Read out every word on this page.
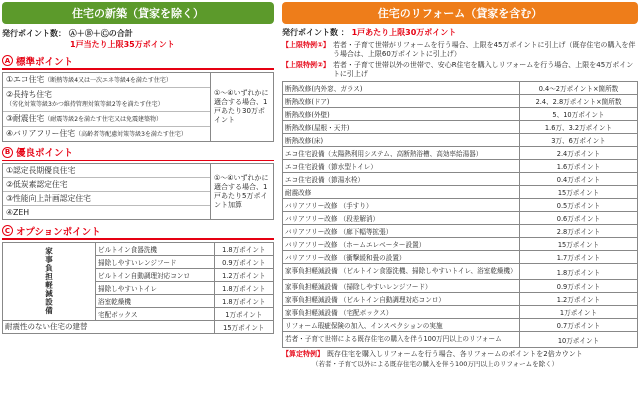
住宅の新築（貸家を除く）
発行ポイント数： Ⓐ＋Ⓑ＋Ⓒの合計
1戸当たり上限35万ポイント
A 標準ポイント
①エコ住宅（断熱等級4又は一次エネ等級4を満たす住宅）
②長持ち住宅（劣化対策等級3かつ維持管理対策等級2等を満たす住宅）
③耐震住宅（耐震等級2を満たす住宅又は免震建築物）
④バリアフリー住宅（高齢者等配慮対策等級3を満たす住宅）
①～④いずれかに適合する場合、1戸あたり30万ポイント
B 優良ポイント
①認定長期優良住宅
②低炭素認定住宅
③性能向上計画認定住宅
④ZEH
①～④いずれかに適合する場合、1戸あたり5万ポイント加算
C オプションポイント
家事負担軽減設備	ビルトイン食器洗機	1.8万ポイント
	掃除しやすいレンジフード	0.9万ポイント
	ビルトイン自動調理対応コンロ	1.2万ポイント
	掃除しやすいトイレ	1.8万ポイント
	浴室乾燥機	1.8万ポイント
	宅配ボックス	1万ポイント
耐震性のない住宅の建替		15万ポイント
住宅のリフォーム（貸家を含む）
発行ポイント数 ： 1戸あたり上限30万ポイント
【上限特例①】 若者・子育て世帯がリフォームを行う場合、上限を45万ポイントに引上げ（既存住宅の購入を伴う場合は、上限60万ポイントに引上げ）
【上限特例②】 若者・子育て世帯以外の世帯で、安心R住宅を購入しリフォームを行う場合、上限を45万ポイントに引上げ
断熱改修(内外窓、ガラス)	0.4～2万ポイント×箇所数
断熱改修(ドア)	2.4、2.8万ポイント×箇所数
断熱改修(外壁)	5、10万ポイント
断熱改修(屋根・天井)	1.6万、3.2万ポイント
断熱改修(床)	3万、6万ポイント
エコ住宅設備（太陽熱利用システム、高断熱浴槽、高効率給湯器）	2.4万ポイント
エコ住宅設備（節水型トイレ）	1.6万ポイント
エコ住宅設備（節湯水栓）	0.4万ポイント
耐震改修	15万ポイント
バリアフリー改修 （手すり）	0.5万ポイント
バリアフリー改修 （段差解消）	0.6万ポイント
バリアフリー改修 （廊下幅等拡張）	2.8万ポイント
バリアフリー改修 （ホームエレベーター設置）	15万ポイント
バリアフリー改修 （衝撃緩和畳の設置）	1.7万ポイント
家事負担軽減設備 （ビルトイン食器洗機、掃除しやすいトイレ、浴室乾燥機）	1.8万ポイント
家事負担軽減設備 （掃除しやすいレンジフード）	0.9万ポイント
家事負担軽減設備 （ビルトイン自動調理対応コンロ）	1.2万ポイント
家事負担軽減設備 （宅配ボックス）	1万ポイント
リフォーム瑕疵保険の加入、インスペクションの実施	0.7万ポイント
若者・子育て世帯による既存住宅の購入を伴う100万円以上のリフォーム	10万ポイント
【算定特例】 既存住宅を購入しリフォームを行う場合、各リフォームのポイントを2倍カウント
（若者・子育て以外による既存住宅の購入を伴う100万円以上のリフォームを除く）
